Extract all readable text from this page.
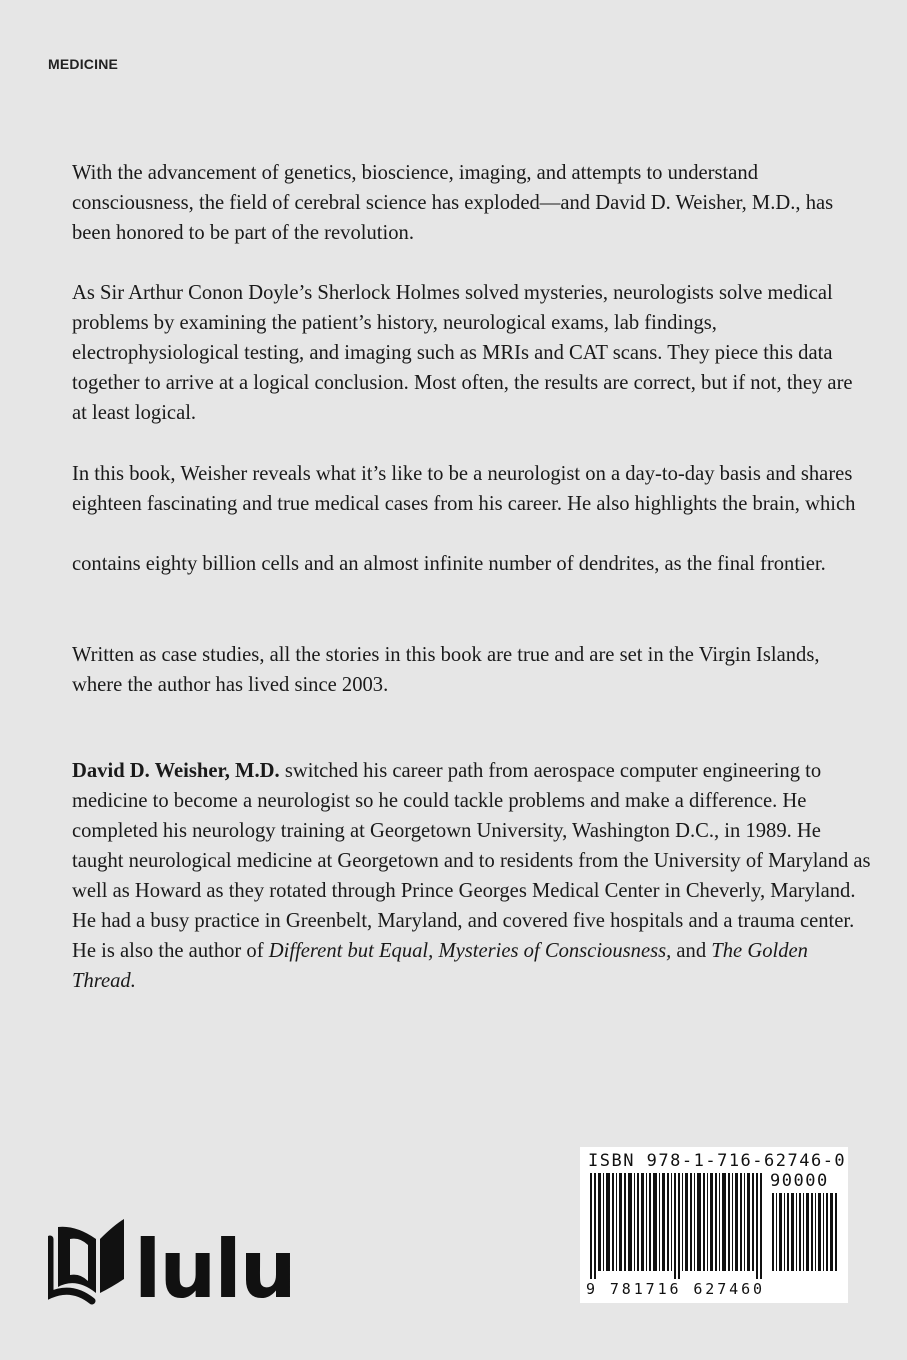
MEDICINE

With the advancement of genetics, bioscience, imaging, and attempts to understand consciousness, the field of cerebral science has exploded—and David D. Weisher, M.D., has been honored to be part of the revolution.

As Sir Arthur Conon Doyle’s Sherlock Holmes solved mysteries, neurologists solve medical problems by examining the patient’s history, neurological exams, lab findings, electrophysiological testing, and imaging such as MRIs and CAT scans. They piece this data together to arrive at a logical conclusion. Most often, the results are correct, but if not, they are at least logical.

In this book, Weisher reveals what it’s like to be a neurologist on a day-to-day basis and shares eighteen fascinating and true medical cases from his career. He also highlights the brain, which

contains eighty billion cells and an almost infinite number of dendrites, as the final frontier.

Written as case studies, all the stories in this book are true and are set in the Virgin Islands, where the author has lived since 2003.

David D. Weisher, M.D. switched his career path from aerospace computer engineering to medicine to become a neurologist so he could tackle problems and make a difference. He completed his neurology training at Georgetown University, Washington D.C., in 1989. He taught neurological medicine at Georgetown and to residents from the University of Maryland as well as Howard as they rotated through Prince Georges Medical Center in Cheverly, Maryland. He had a busy practice in Greenbelt, Maryland, and covered five hospitals and a trauma center. He is also the author of Different but Equal, Mysteries of Consciousness, and The Golden Thread.

lulu

ISBN 978-1-716-62746-0

90000

9 781716 627460
